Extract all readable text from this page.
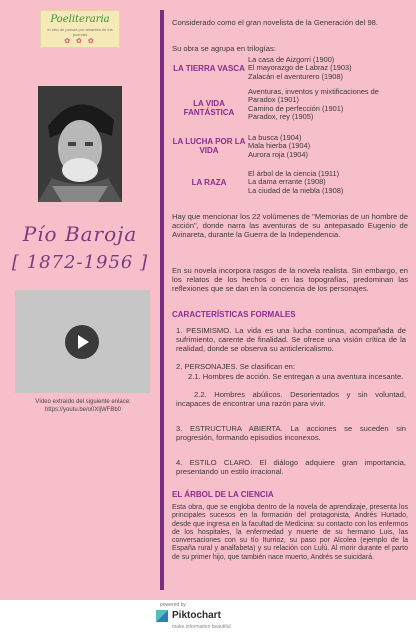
Poeliteraria
el sitio de poesía por amantes de los poemas
✿ ✿ ✿
Pío Baroja
[ 1872-1956 ]
Vídeo extraído del siguiente enlace: https://youtu.be/o0XljWFBb0
Considerado como el gran novelista de la Generación del 98.
Su obra se agrupa en trilogías:
LA TIERRA VASCA
La casa de Aizgorri (1900)
El mayorazgo de Labraz (1903)
Zalacán el aventurero (1908)
LA VIDA FANTÁSTICA
Aventuras, inventos y mixtificaciones de
Paradox (1901)
Camino de perfección (1901)
Paradox, rey (1905)
LA LUCHA POR LA VIDA
La busca (1904)
Mala hierba (1904)
Aurora roja (1904)
LA RAZA
El árbol de la ciencia (1911)
La dama errante (1908)
La ciudad de la niebla (1908)
Hay que mencionar los 22 volúmenes de "Memorias de un hombre de acción", donde narra las aventuras de su antepasado Eugenio de Avinareta, durante la Guerra de la Independencia.
En su novela incorpora rasgos de la novela realista. Sin embargo, en los relatos de los hechos o en las topografías, predominan las reflexiones que se dan en la conciencia de los personajes.
CARACTERÍSTICAS FORMALES
1. PESIMISMO. La vida es una lucha continua, acompañada de sufrimiento, carente de finalidad. Se ofrece una visión crítica de la realidad, donde se observa su anticlericalismo.
2. PERSONAJES. Se clasifican en:
2.1. Hombres de acción. Se entregan a una aventura incesante.
2.2. Hombres abúlicos. Desorientados y sin voluntad, incapaces de encontrar una razón para vivir.
3. ESTRUCTURA ABIERTA. La acciones se suceden sin progresión, formando episodios inconexos.
4. ESTILO CLARO. El diálogo adquiere gran importancia, presentando un estilo irracional.
EL ÁRBOL DE LA CIENCIA
Esta obra, que se engloba dentro de la novela de aprendizaje, presenta los principales sucesos en la formación del protagonista, Andrés Hurtado, desde que ingresa en la facultad de Medicina: su contacto con los enfermos de los hospitales, la enfermedad y muerte de su hermano Luis, las conversaciones con su tío Iturrioz, su paso por Alcolea (ejemplo de la España rural y analfabeta) y su relación con Lulú. Al morir durante el parto de su primer hijo, que también nace muerto, Andrés se suicidará.
powered by
Piktochart
make information beautiful
